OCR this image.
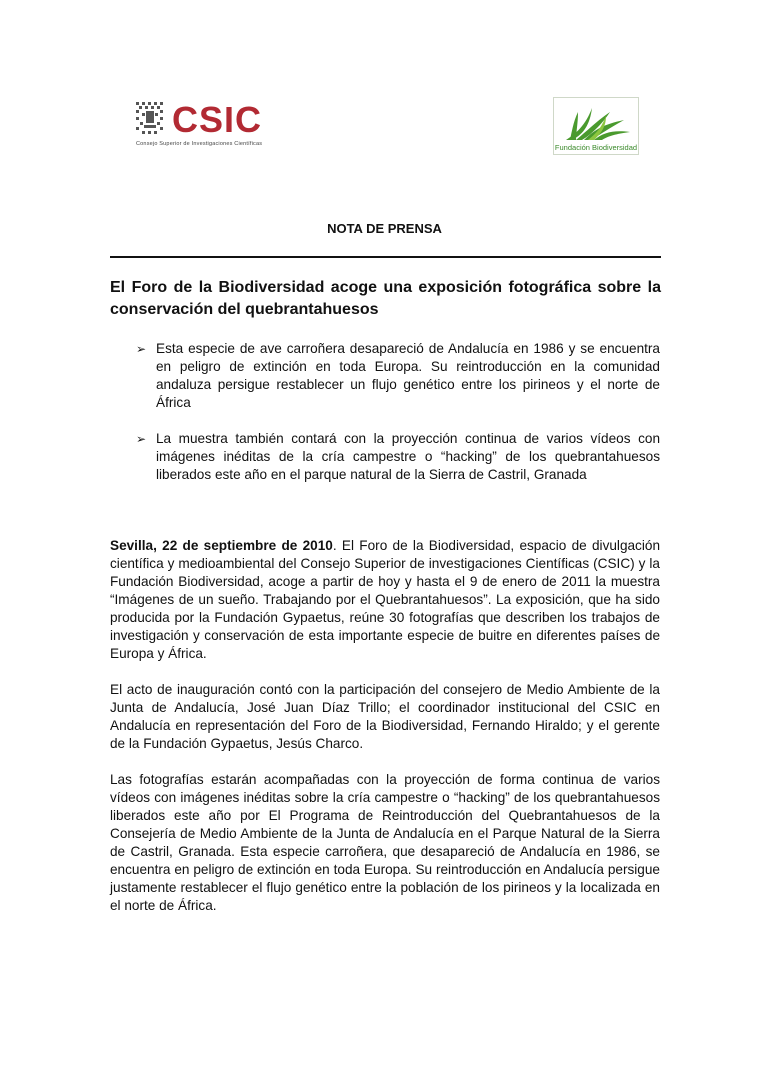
CSIC
Consejo Superior de Investigaciones Científicas	Fundación Biodiversidad
NOTA DE PRENSA
El Foro de la Biodiversidad acoge una exposición fotográfica sobre la conservación del quebrantahuesos
➢ Esta especie de ave carroñera desapareció de Andalucía en 1986 y se encuentra en peligro de extinción en toda Europa. Su reintroducción en la comunidad andaluza persigue restablecer un flujo genético entre los pirineos y el norte de África
➢ La muestra también contará con la proyección continua de varios vídeos con imágenes inéditas de la cría campestre o “hacking” de los quebrantahuesos liberados este año en el parque natural de la Sierra de Castril, Granada

Sevilla, 22 de septiembre de 2010. El Foro de la Biodiversidad, espacio de divulgación científica y medioambiental del Consejo Superior de investigaciones Científicas (CSIC) y la Fundación Biodiversidad, acoge a partir de hoy y hasta el 9 de enero de 2011 la muestra “Imágenes de un sueño. Trabajando por el Quebrantahuesos”. La exposición, que ha sido producida por la Fundación Gypaetus, reúne 30 fotografías que describen los trabajos de investigación y conservación de esta importante especie de buitre en diferentes países de Europa y África.

El acto de inauguración contó con la participación del consejero de Medio Ambiente de la Junta de Andalucía, José Juan Díaz Trillo; el coordinador institucional del CSIC en Andalucía en representación del Foro de la Biodiversidad, Fernando Hiraldo; y el gerente de la Fundación Gypaetus, Jesús Charco.

Las fotografías estarán acompañadas con la proyección de forma continua de varios vídeos con imágenes inéditas sobre la cría campestre o “hacking” de los quebrantahuesos liberados este año por El Programa de Reintroducción del Quebrantahuesos de la Consejería de Medio Ambiente de la Junta de Andalucía en el Parque Natural de la Sierra de Castril, Granada. Esta especie carroñera, que desapareció de Andalucía en 1986, se encuentra en peligro de extinción en toda Europa. Su reintroducción en Andalucía persigue justamente restablecer el flujo genético entre la población de los pirineos y la localizada en el norte de África.
